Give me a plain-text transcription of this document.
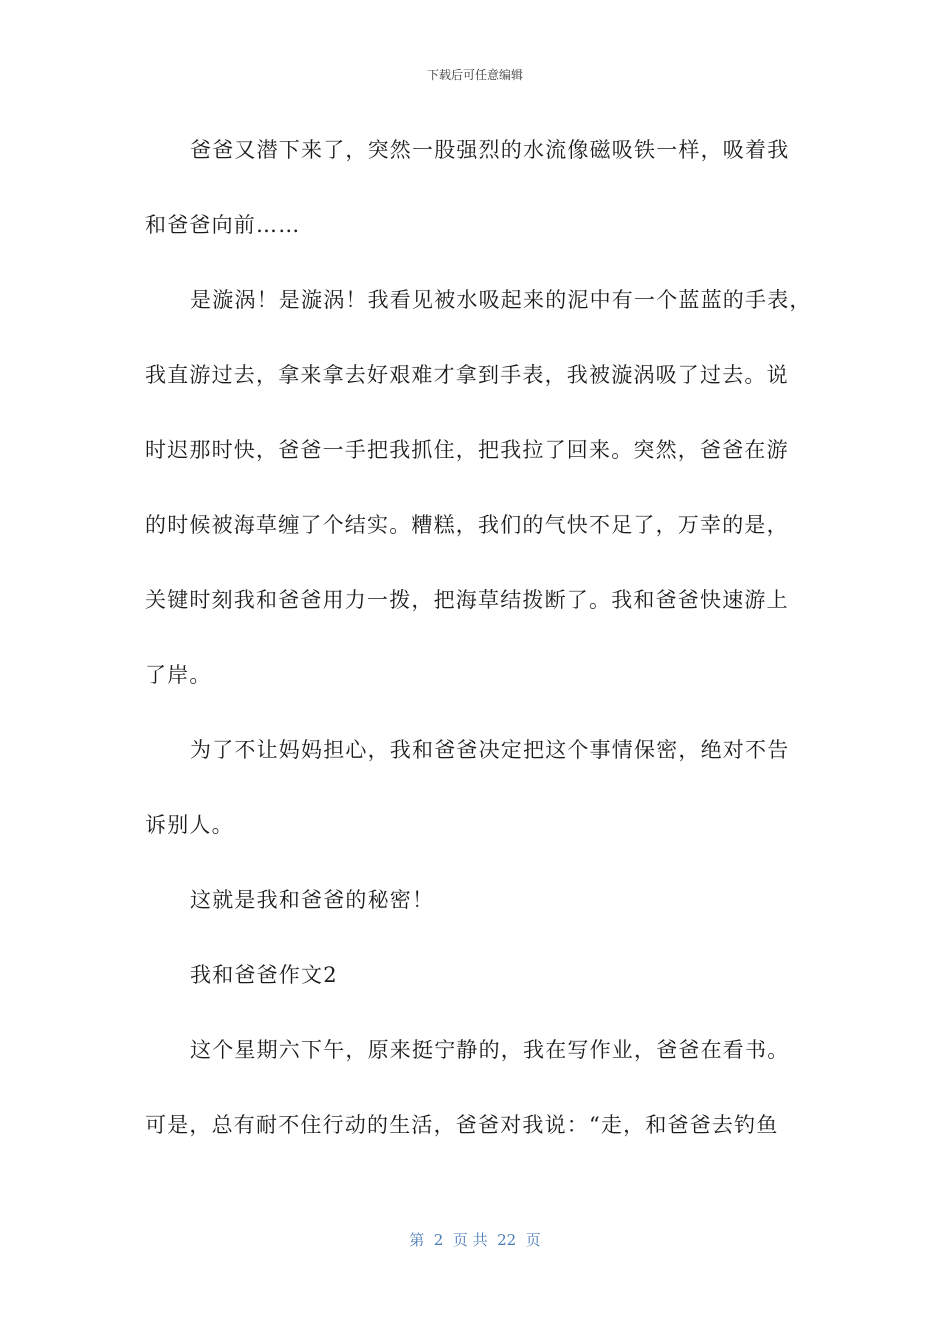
下载后可任意编辑
爸爸又潜下来了，突然一股强烈的水流像磁吸铁一样，吸着我
和爸爸向前……
是漩涡！是漩涡！我看见被水吸起来的泥中有一个蓝蓝的手表，
我直游过去，拿来拿去好艰难才拿到手表，我被漩涡吸了过去。说
时迟那时快，爸爸一手把我抓住，把我拉了回来。突然，爸爸在游
的时候被海草缠了个结实。糟糕，我们的气快不足了，万幸的是，
关键时刻我和爸爸用力一拨，把海草结拨断了。我和爸爸快速游上
了岸。
为了不让妈妈担心，我和爸爸决定把这个事情保密，绝对不告
诉别人。
这就是我和爸爸的秘密！
我和爸爸作文2
这个星期六下午，原来挺宁静的，我在写作业，爸爸在看书。
可是，总有耐不住行动的生活，爸爸对我说：“走，和爸爸去钓鱼
第  2  页 共  22  页
